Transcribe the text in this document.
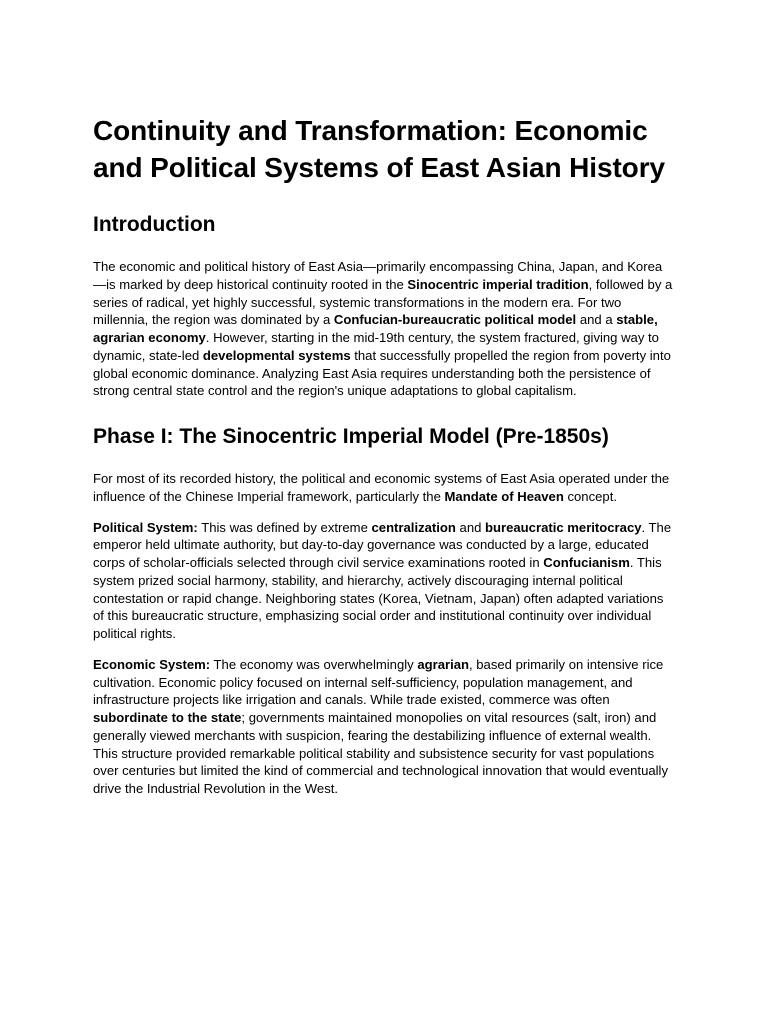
Continuity and Transformation: Economic and Political Systems of East Asian History
Introduction

The economic and political history of East Asia—primarily encompassing China, Japan, and Korea—is marked by deep historical continuity rooted in the Sinocentric imperial tradition, followed by a series of radical, yet highly successful, systemic transformations in the modern era. For two millennia, the region was dominated by a Confucian-bureaucratic political model and a stable, agrarian economy. However, starting in the mid-19th century, the system fractured, giving way to dynamic, state-led developmental systems that successfully propelled the region from poverty into global economic dominance. Analyzing East Asia requires understanding both the persistence of strong central state control and the region's unique adaptations to global capitalism.

Phase I: The Sinocentric Imperial Model (Pre-1850s)

For most of its recorded history, the political and economic systems of East Asia operated under the influence of the Chinese Imperial framework, particularly the Mandate of Heaven concept.

Political System: This was defined by extreme centralization and bureaucratic meritocracy. The emperor held ultimate authority, but day-to-day governance was conducted by a large, educated corps of scholar-officials selected through civil service examinations rooted in Confucianism. This system prized social harmony, stability, and hierarchy, actively discouraging internal political contestation or rapid change. Neighboring states (Korea, Vietnam, Japan) often adapted variations of this bureaucratic structure, emphasizing social order and institutional continuity over individual political rights.

Economic System: The economy was overwhelmingly agrarian, based primarily on intensive rice cultivation. Economic policy focused on internal self-sufficiency, population management, and infrastructure projects like irrigation and canals. While trade existed, commerce was often subordinate to the state; governments maintained monopolies on vital resources (salt, iron) and generally viewed merchants with suspicion, fearing the destabilizing influence of external wealth. This structure provided remarkable political stability and subsistence security for vast populations over centuries but limited the kind of commercial and technological innovation that would eventually drive the Industrial Revolution in the West.
